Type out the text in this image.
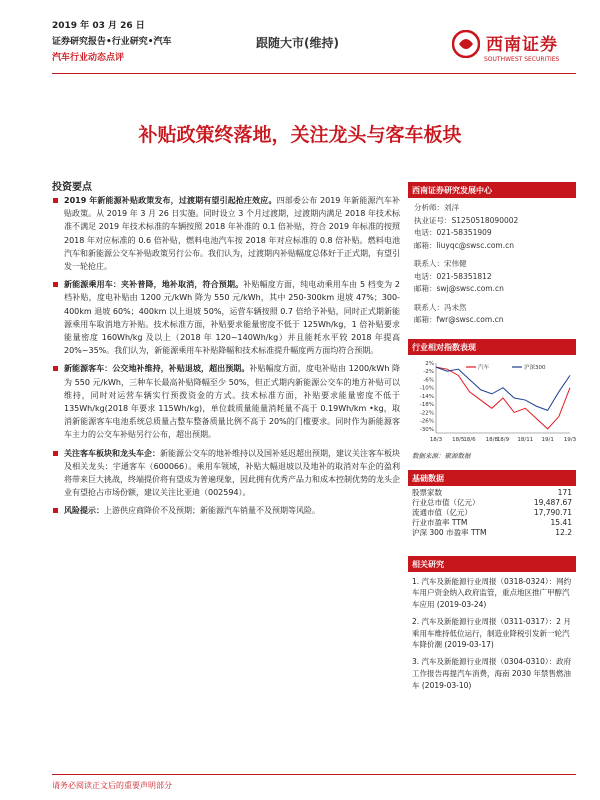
2019 年 03 月 26 日
证券研究报告•行业研究•汽车
汽车行业动态点评
跟随大市(维持)	西南证券
SOUTHWEST SECURITIES
补贴政策终落地，关注龙头与客车板块
投资要点
2019 年新能源补贴政策发布，过渡期有望引起抢庄效应。四部委公布 2019 年新能源汽车补贴政策。从 2019 年 3 月 26 日实施。同时设立 3 个月过渡期，过渡期内满足 2018 年技术标准不满足 2019 年技术标准的车辆按照 2018 年补准的 0.1 倍补贴，符合 2019 年标准的按照 2018 年对应标准的 0.6 倍补贴，燃料电池汽车按 2018 年对应标准的 0.8 倍补贴。燃料电池汽车和新能源公交车补贴政策另行公布。我们认为，过渡期内补贴幅度总体好于正式期，有望引发一轮抢庄。
新能源乘用车：夹补普降，地补取消，符合预期。补贴幅度方面，纯电动乘用车由 5 档变为 2 档补贴，度电补贴由 1200 元/kWh 降为 550 元/kWh，其中 250-300km 退坡 47%；300-400km 退坡 60%；400km 以上退坡 50%，运营车辆按照 0.7 倍给予补贴，同时正式期新能源乘用车取消地方补贴。技术标准方面，补贴要求能量密度不低于 125Wh/kg，1 倍补贴要求能量密度 160Wh/kg 及以上（2018 年 120~140Wh/kg）并且能耗水平较 2018 年提高 20%~35%。我们认为，新能源乘用车补贴降幅和技术标准提升幅度两方面均符合预期。
新能源客车：公交地补维持，补贴退坡，超出预期。补贴幅度方面，度电补贴由 1200/kWh 降为 550 元/kWh，三种车长最高补贴降幅至少 50%，但正式期内新能源公交车的地方补贴可以维持，同时对运营车辆实行预拨资金的方式。技术标准方面，补贴要求能量密度不低于 135Wh/kg(2018 年要求 115Wh/kg)，单位载质量能量消耗量不高于 0.19Wh/km •kg，取消新能源客车电池系统总质量占整车整备质量比例不高于 20%的门槛要求。同时作为新能源客车主力的公交车补贴另行公布，超出预期。
关注客车板块和龙头车企：新能源公交车的地补维持以及国补延迟超出预期，建议关注客车板块及相关龙头：宇通客车（600066）。乘用车领域，补贴大幅退坡以及地补的取消对车企的盈利将带来巨大挑战，终端提价将有望成为普遍现象，因此拥有优秀产品力和成本控制优势的龙头企业有望抢占市场份额，建议关注比亚迪（002594）。
风险提示：上游供应商降价不及预期；新能源汽车销量不及预期等风险。
西南证券研究发展中心
分析师：刘洋
执业证号：S1250518090002
电话：021-58351909
邮箱：liuyqc@swsc.com.cn
联系人：宋伟健
电话：021-58351812
邮箱：swj@swsc.com.cn
联系人：冯未然
邮箱：fwr@swsc.com.cn
行业相对指数表现
2%
-2%
-6%
-10%
-14%
-18%
-22%
-26%
-30%
18/3 18/5
18/6 18/8
18/9 18/11 19/1 19/3
汽车	沪深300
数据来源：聚源数据
基础数据
股票家数	171
行业总市值（亿元）	19,487.67
流通市值（亿元）	17,790.71
行业市盈率 TTM	15.41
沪深 300 市盈率 TTM	12.2
相关研究
1. 汽车及新能源行业周报（0318-0324）：网约车用户资金纳入政府监管，重点地区推广甲醇汽车应用 (2019-03-24)
2. 汽车及新能源行业周报（0311-0317）：2 月乘用车维持低位运行，制造业降税引发新一轮汽车降价潮 (2019-03-17)
3. 汽车及新能源行业周报（0304-0310）：政府工作报告再提汽车消费，海南 2030 年禁售燃油车 (2019-03-10)
请务必阅读正文后的重要声明部分
